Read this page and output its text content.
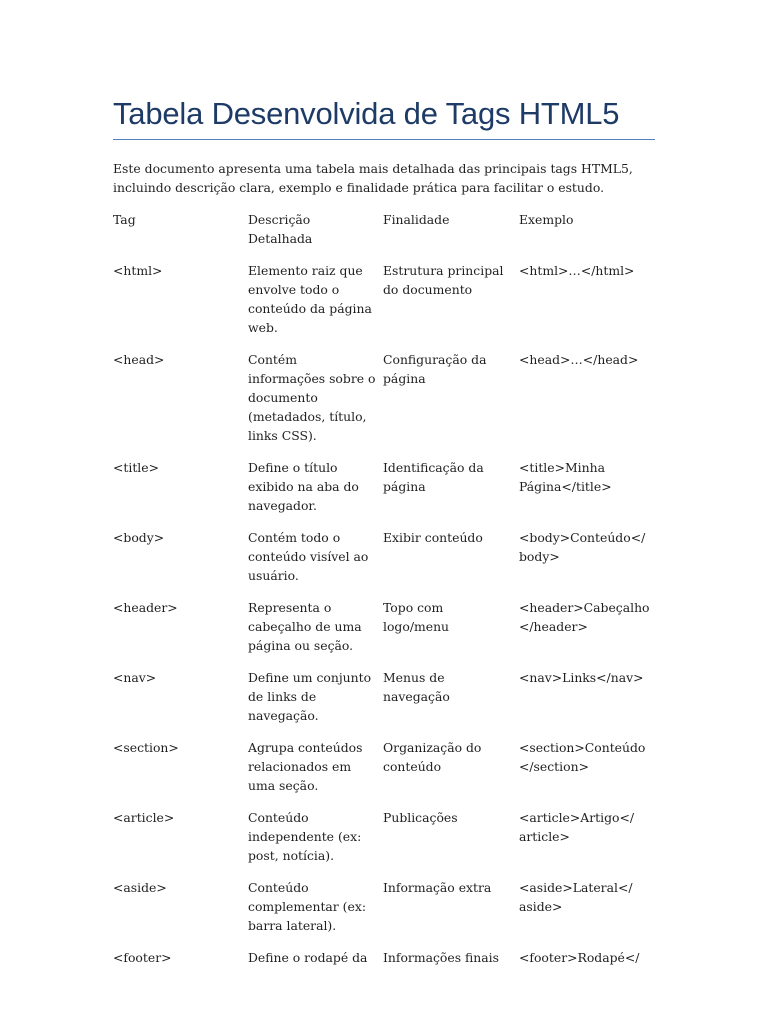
Tabela Desenvolvida de Tags HTML5

Este documento apresenta uma tabela mais detalhada das principais tags HTML5, incluindo descrição clara, exemplo e finalidade prática para facilitar o estudo.

Tag	Descrição Detalhada	Finalidade	Exemplo
<html>	Elemento raiz que envolve todo o conteúdo da página web.	Estrutura principal do documento	<html>…</html>
<head>	Contém informações sobre o documento (metadados, título, links CSS).	Configuração da página	<head>…</head>
<title>	Define o título exibido na aba do navegador.	Identificação da página	<title>Minha Página</title>
<body>	Contém todo o conteúdo visível ao usuário.	Exibir conteúdo	<body>Conteúdo</ body>
<header>	Representa o cabeçalho de uma página ou seção.	Topo com logo/menu	<header>Cabeçalho </header>
<nav>	Define um conjunto de links de navegação.	Menus de navegação	<nav>Links</nav>
<section>	Agrupa conteúdos relacionados em uma seção.	Organização do conteúdo	<section>Conteúdo </section>
<article>	Conteúdo independente (ex: post, notícia).	Publicações	<article>Artigo</ article>
<aside>	Conteúdo complementar (ex: barra lateral).	Informação extra	<aside>Lateral</ aside>
<footer>	Define o rodapé da	Informações finais	<footer>Rodapé</
